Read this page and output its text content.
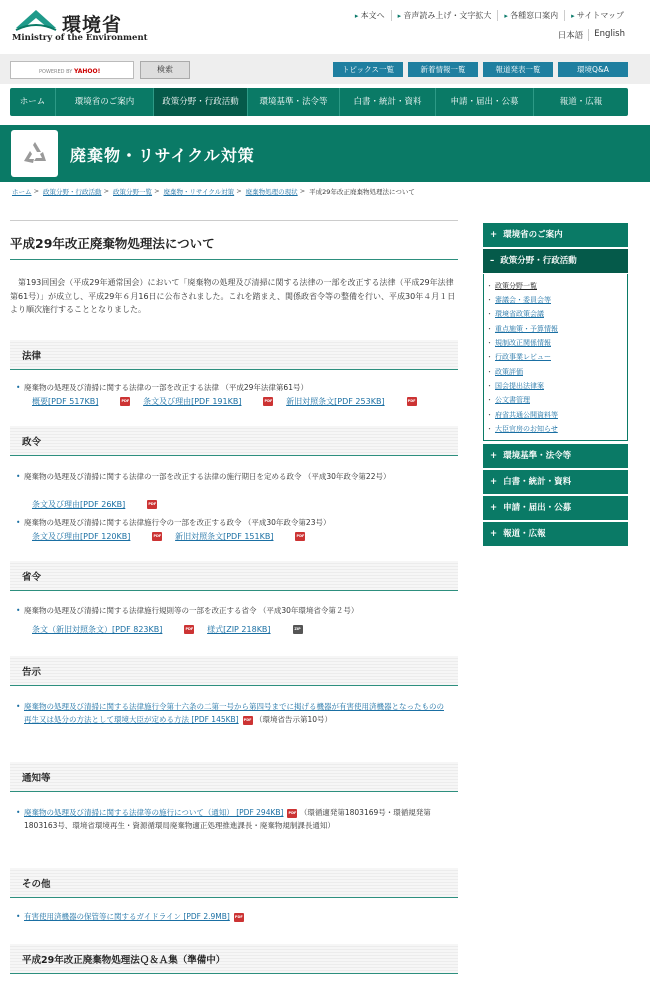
環境省
Ministry of the Environment
▸ 本文へ	▸ 音声読み上げ・文字拡大	▸ 各種窓口案内	▸ サイトマップ
日本語	English
POWERED BY YAHOO!	検索	トピックス一覧	新着情報一覧	報道発表一覧	環境Q&A
ホーム	環境省のご案内	政策分野・行政活動	環境基準・法令等	白書・統計・資料	申請・届出・公募	報道・広報
廃棄物・リサイクル対策
ホーム > 政策分野・行政活動 > 政策分野一覧 > 廃棄物・リサイクル対策 > 廃棄物処理の現状 > 平成29年改正廃棄物処理法について
平成29年改正廃棄物処理法について
第193回国会（平成29年通常国会）において「廃棄物の処理及び清掃に関する法律の一部を改正する法律（平成29年法律第61号）」が成立し、平成29年６月16日に公布されました。これを踏まえ、関係政省令等の整備を行い、平成30年４月１日より順次施行することとなりました。
法律
• 廃棄物の処理及び清掃に関する法律の一部を改正する法律 （平成29年法律第61号）
概要[PDF 517KB]	PDF 条文及び理由[PDF 191KB]	PDF 新旧対照条文[PDF 253KB]	PDF
政令
• 廃棄物の処理及び清掃に関する法律の一部を改正する法律の施行期日を定める政令 （平成30年政令第22号）
条文及び理由[PDF 26KB]	PDF
• 廃棄物の処理及び清掃に関する法律施行令の一部を改正する政令 （平成30年政令第23号）
条文及び理由[PDF 120KB]	PDF 新旧対照条文[PDF 151KB]	PDF
省令
• 廃棄物の処理及び清掃に関する法律施行規則等の一部を改正する省令 （平成30年環境省令第２号）
条文（新旧対照条文）[PDF 823KB]	PDF 様式[ZIP 218KB]	ZIP
告示
• 廃棄物の処理及び清掃に関する法律施行令第十六条の二第一号から第四号までに掲げる機器が有害使用済機器となったものの再生又は処分の方法として環境大臣が定める方法 [PDF 145KB] PDF （環境省告示第10号）
通知等
• 廃棄物の処理及び清掃に関する法律等の施行について（通知） [PDF 294KB] PDF （環循適発第1803169号・環循規発第1803163号、環境省環境再生・資源循環局廃棄物適正処理推進課長・廃棄物規制課長通知）
その他
• 有害使用済機器の保管等に関するガイドライン [PDF 2.9MB] PDF
平成29年改正廃棄物処理法Ｑ＆Ａ集（準備中）
+ 環境省のご案内
– 政策分野・行政活動
・ 政策分野一覧
・ 審議会・委員会等
・ 環境省政策会議
・ 重点施策・予算情報
・ 規制改正関係情報
・ 行政事業レビュー
・ 政策評価
・ 国会提出法律案
・ 公文書管理
・ 府省共通公開資料等
・ 大臣官房のお知らせ
+ 環境基準・法令等
+ 白書・統計・資料
+ 申請・届出・公募
+ 報道・広報
